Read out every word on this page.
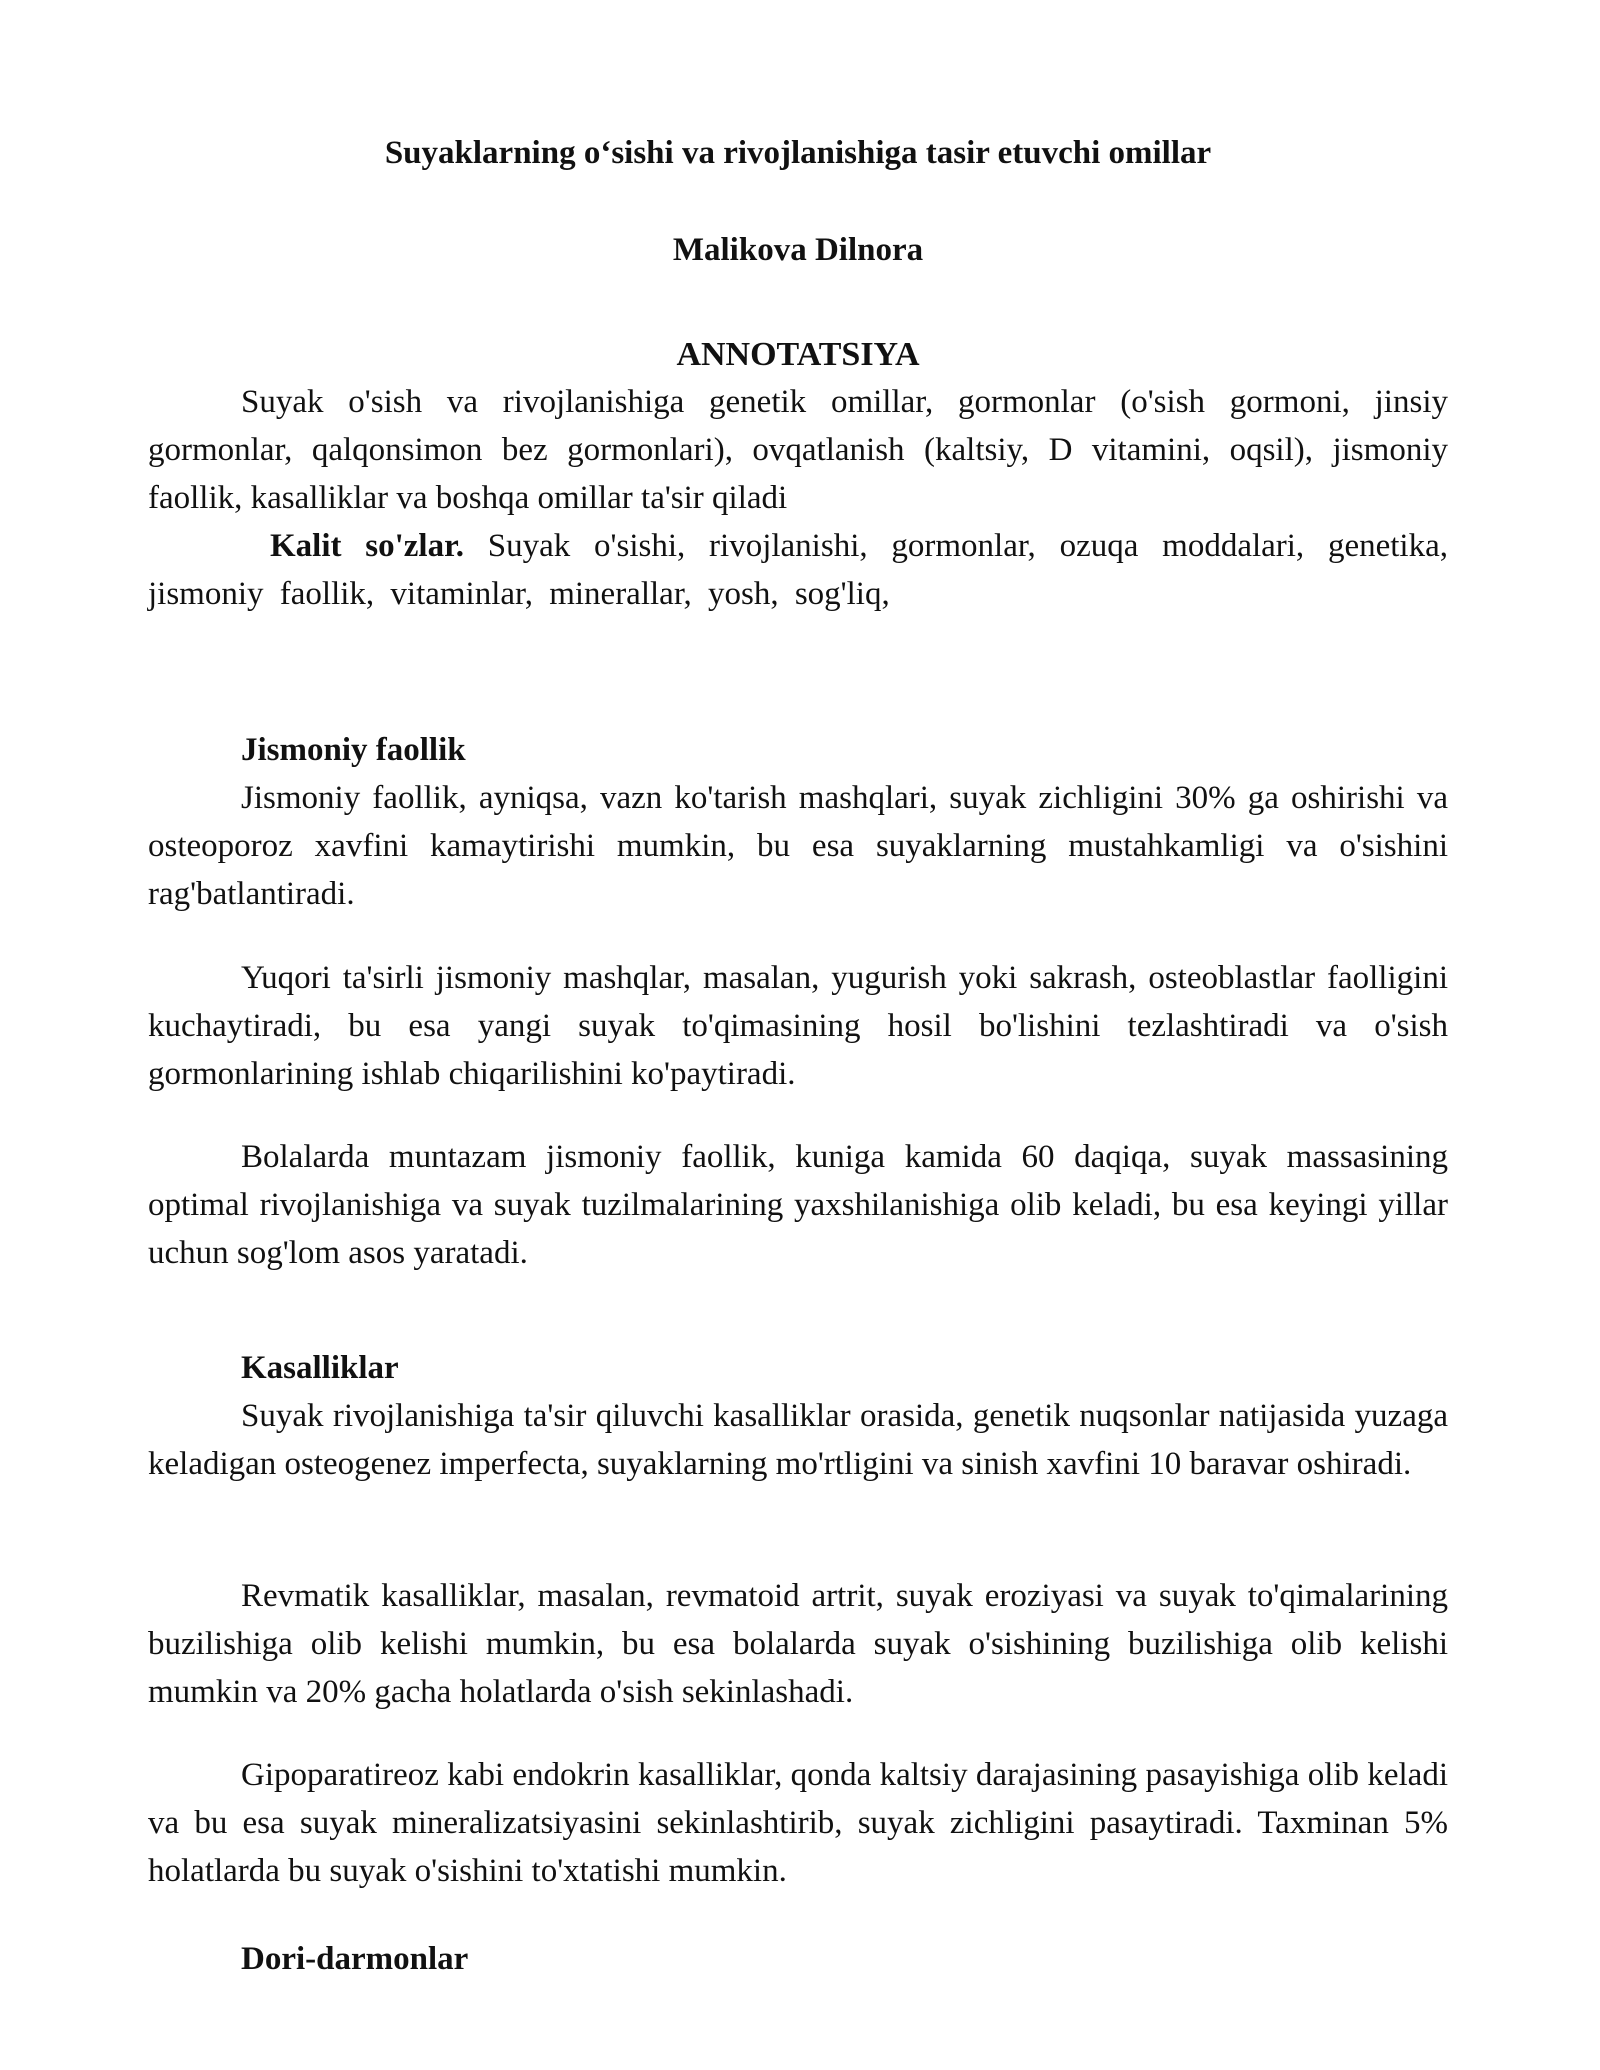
Suyaklarning o‘sishi va rivojlanishiga tasir etuvchi omillar
Malikova Dilnora
ANNOTATSIYA

Suyak o'sish va rivojlanishiga genetik omillar, gormonlar (o'sish gormoni, jinsiy gormonlar, qalqonsimon bez gormonlari), ovqatlanish (kaltsiy, D vitamini, oqsil), jismoniy faollik, kasalliklar va boshqa omillar ta'sir qiladi

Kalit so'zlar. Suyak o'sishi, rivojlanishi, gormonlar, ozuqa moddalari, genetika, jismoniy faollik, vitaminlar, minerallar, yosh, sog'liq,

Jismoniy faollik

Jismoniy faollik, ayniqsa, vazn ko'tarish mashqlari, suyak zichligini 30% ga oshirishi va osteoporoz xavfini kamaytirishi mumkin, bu esa suyaklarning mustahkamligi va o'sishini rag'batlantiradi.

Yuqori ta'sirli jismoniy mashqlar, masalan, yugurish yoki sakrash, osteoblastlar faolligini kuchaytiradi, bu esa yangi suyak to'qimasining hosil bo'lishini tezlashtiradi va o'sish gormonlarining ishlab chiqarilishini ko'paytiradi.

Bolalarda muntazam jismoniy faollik, kuniga kamida 60 daqiqa, suyak massasining optimal rivojlanishiga va suyak tuzilmalarining yaxshilanishiga olib keladi, bu esa keyingi yillar uchun sog'lom asos yaratadi.

Kasalliklar

Suyak rivojlanishiga ta'sir qiluvchi kasalliklar orasida, genetik nuqsonlar natijasida yuzaga keladigan osteogenez imperfecta, suyaklarning mo'rtligini va sinish xavfini 10 baravar oshiradi.

Revmatik kasalliklar, masalan, revmatoid artrit, suyak eroziyasi va suyak to'qimalarining buzilishiga olib kelishi mumkin, bu esa bolalarda suyak o'sishining buzilishiga olib kelishi mumkin va 20% gacha holatlarda o'sish sekinlashadi.

Gipoparatireoz kabi endokrin kasalliklar, qonda kaltsiy darajasining pasayishiga olib keladi va bu esa suyak mineralizatsiyasini sekinlashtirib, suyak zichligini pasaytiradi. Taxminan 5% holatlarda bu suyak o'sishini to'xtatishi mumkin.

Dori-darmonlar
